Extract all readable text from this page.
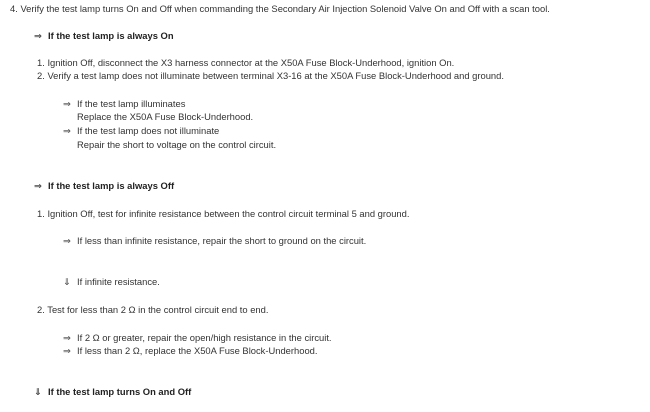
4. Verify the test lamp turns On and Off when commanding the Secondary Air Injection Solenoid Valve On and Off with a scan tool.
⇒ If the test lamp is always On
1. Ignition Off, disconnect the X3 harness connector at the X50A Fuse Block-Underhood, ignition On.
2. Verify a test lamp does not illuminate between terminal X3-16 at the X50A Fuse Block-Underhood and ground.
⇒ If the test lamp illuminates
Replace the X50A Fuse Block-Underhood.
⇒ If the test lamp does not illuminate
Repair the short to voltage on the control circuit.
⇒ If the test lamp is always Off
1. Ignition Off, test for infinite resistance between the control circuit terminal 5 and ground.
⇒ If less than infinite resistance, repair the short to ground on the circuit.
⇓ If infinite resistance.
2. Test for less than 2 Ω in the control circuit end to end.
⇒ If 2 Ω or greater, repair the open/high resistance in the circuit.
⇒ If less than 2 Ω, replace the X50A Fuse Block-Underhood.
⇓ If the test lamp turns On and Off
